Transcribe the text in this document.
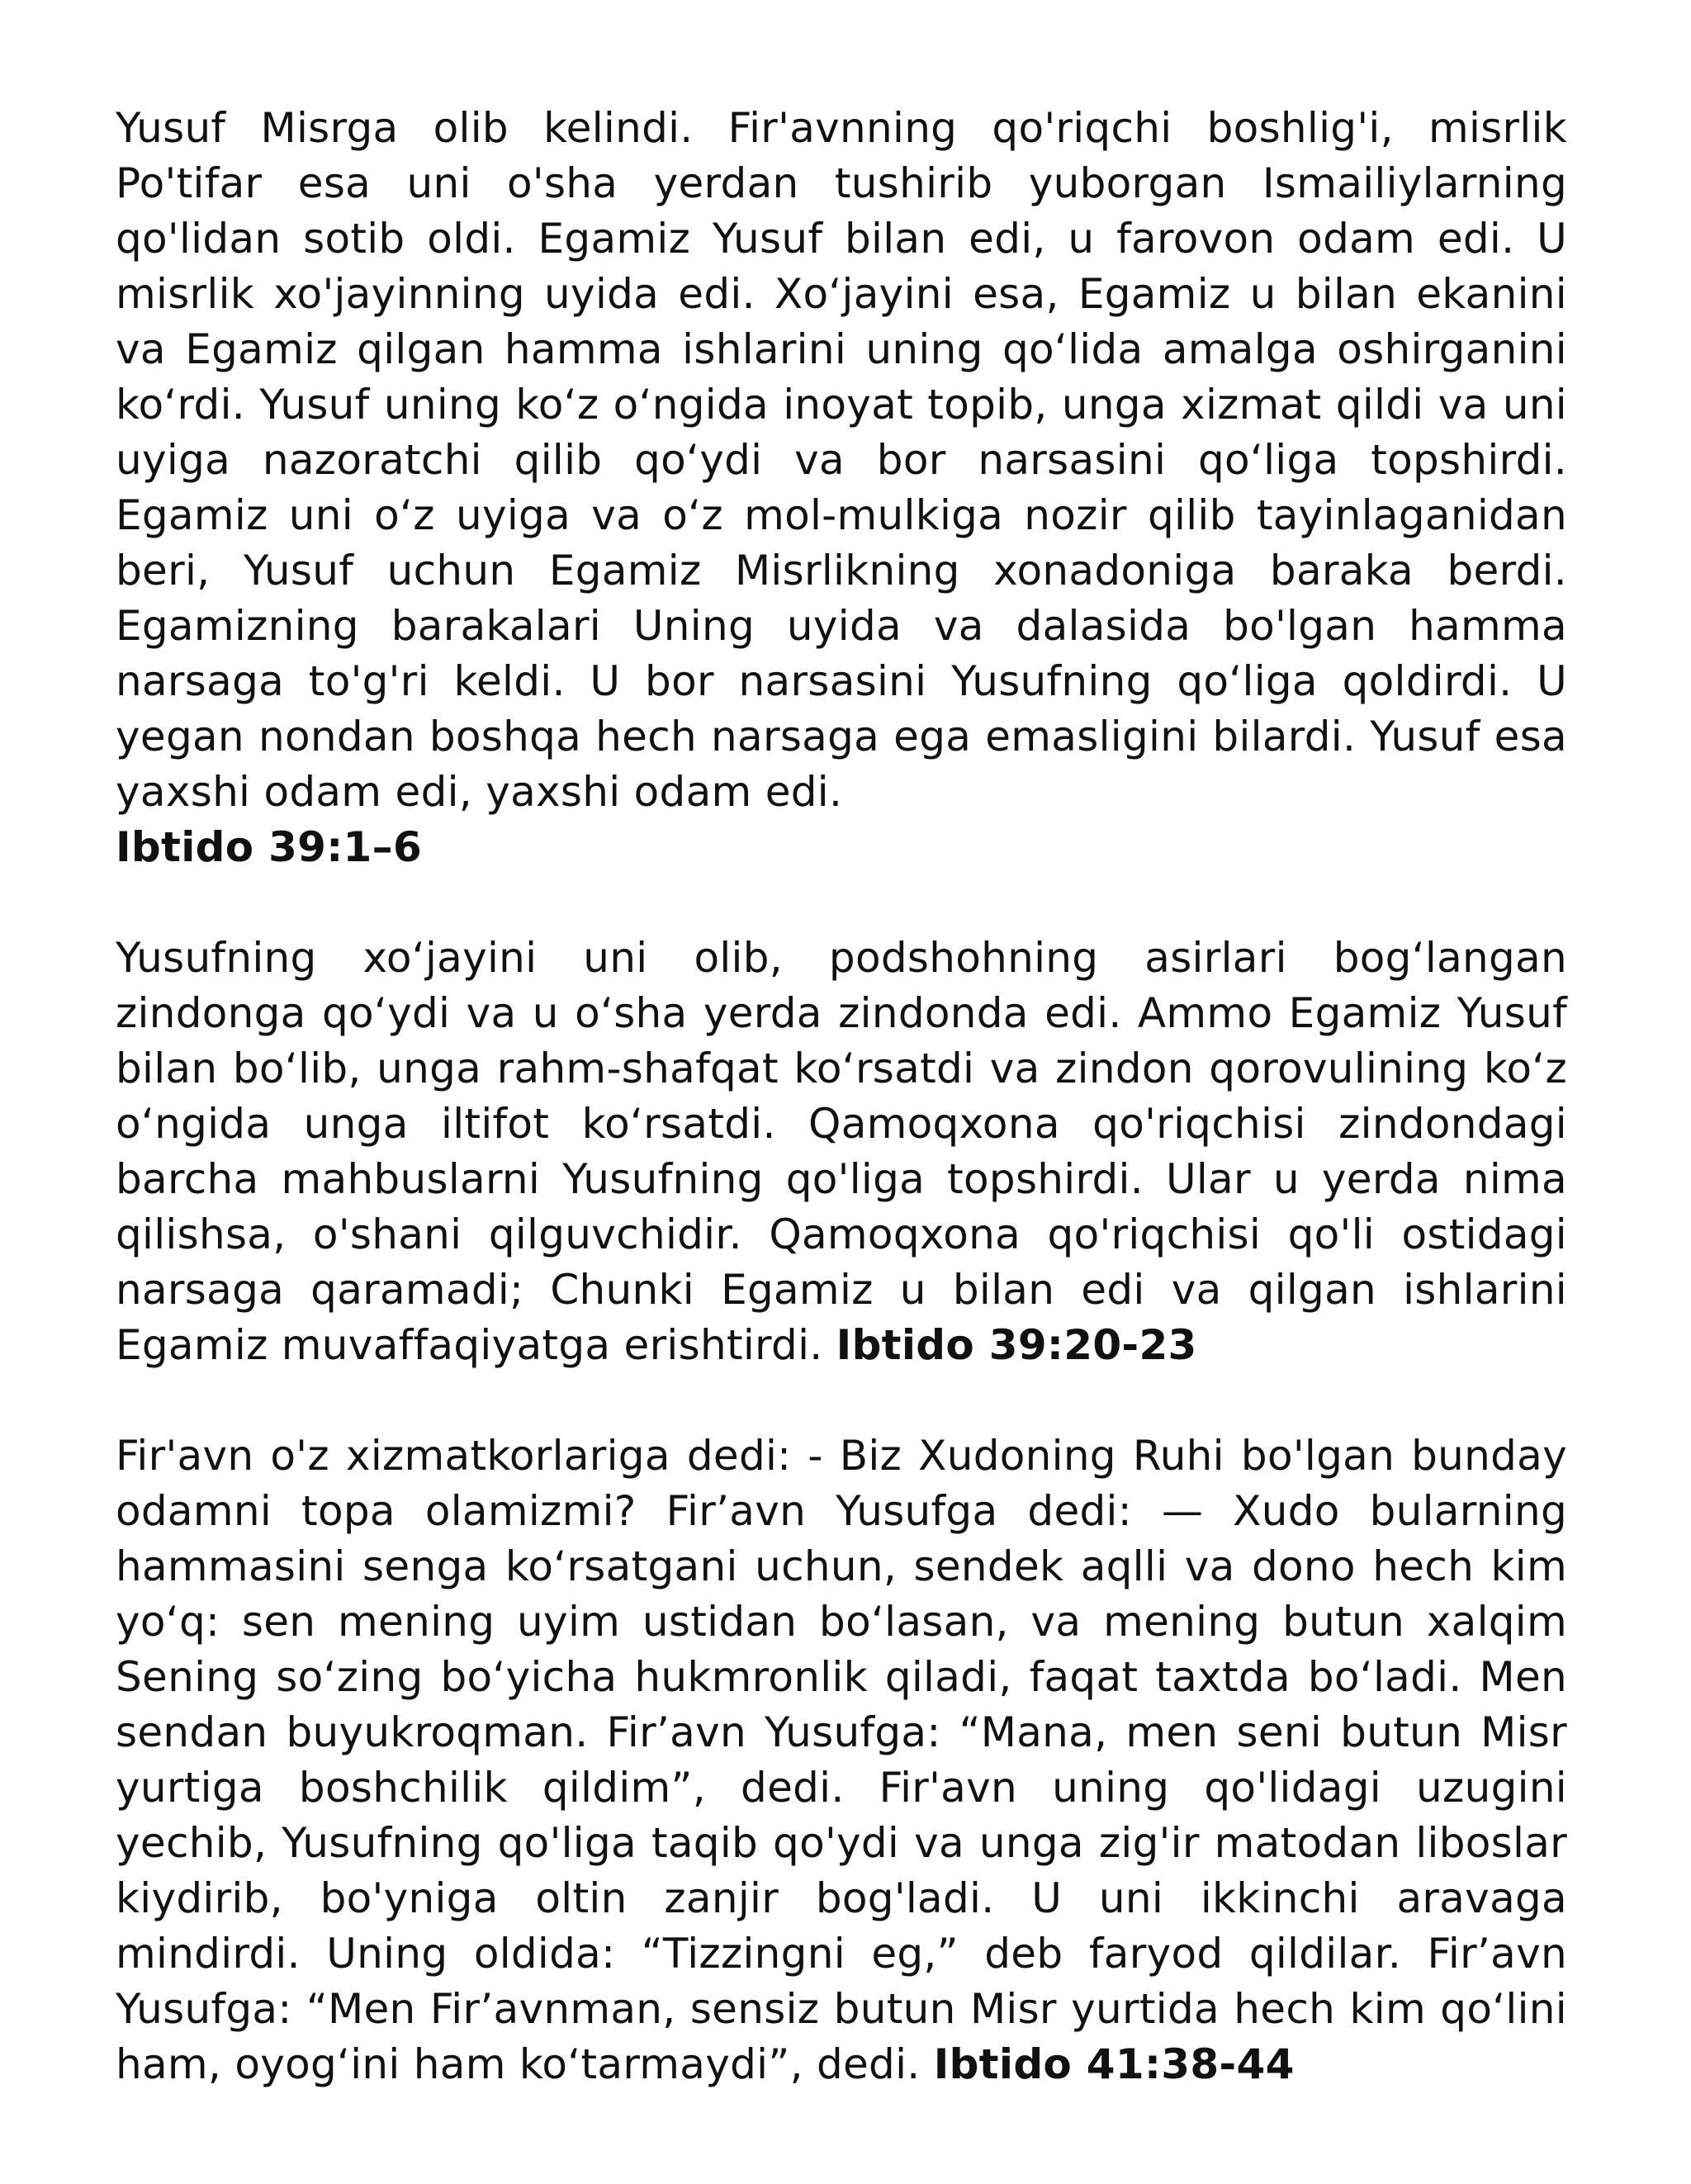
Yusuf Misrga olib kelindi. Fir'avnning qo'riqchi boshlig'i, misrlik Po'tifar esa uni o'sha yerdan tushirib yuborgan Ismailiylarning qo'lidan sotib oldi. Egamiz Yusuf bilan edi, u farovon odam edi. U misrlik xo'jayinning uyida edi. Xo‘jayini esa, Egamiz u bilan ekanini va Egamiz qilgan hamma ishlarini uning qo‘lida amalga oshirganini ko‘rdi. Yusuf uning ko‘z o‘ngida inoyat topib, unga xizmat qildi va uni uyiga nazoratchi qilib qo‘ydi va bor narsasini qo‘liga topshirdi. Egamiz uni o‘z uyiga va o‘z mol-mulkiga nozir qilib tayinlaganidan beri, Yusuf uchun Egamiz Misrlikning xonadoniga baraka berdi. Egamizning barakalari Uning uyida va dalasida bo'lgan hamma narsaga to'g'ri keldi. U bor narsasini Yusufning qo‘liga qoldirdi. U yegan nondan boshqa hech narsaga ega emasligini bilardi. Yusuf esa yaxshi odam edi, yaxshi odam edi.
Ibtido 39:1–6

Yusufning xo‘jayini uni olib, podshohning asirlari bog‘langan zindonga qo‘ydi va u o‘sha yerda zindonda edi. Ammo Egamiz Yusuf bilan bo‘lib, unga rahm-shafqat ko‘rsatdi va zindon qorovulining ko‘z o‘ngida unga iltifot ko‘rsatdi. Qamoqxona qo'riqchisi zindondagi barcha mahbuslarni Yusufning qo'liga topshirdi. Ular u yerda nima qilishsa, o'shani qilguvchidir. Qamoqxona qo'riqchisi qo'li ostidagi narsaga qaramadi; Chunki Egamiz u bilan edi va qilgan ishlarini Egamiz muvaffaqiyatga erishtirdi. Ibtido 39:20-23

Fir'avn o'z xizmatkorlariga dedi: - Biz Xudoning Ruhi bo'lgan bunday odamni topa olamizmi? Fir’avn Yusufga dedi: — Xudo bularning hammasini senga ko‘rsatgani uchun, sendek aqlli va dono hech kim yo‘q: sen mening uyim ustidan bo‘lasan, va mening butun xalqim Sening so‘zing bo‘yicha hukmronlik qiladi, faqat taxtda bo‘ladi. Men sendan buyukroqman. Fir’avn Yusufga: “Mana, men seni butun Misr yurtiga boshchilik qildim”, dedi. Fir'avn uning qo'lidagi uzugini yechib, Yusufning qo'liga taqib qo'ydi va unga zig'ir matodan liboslar kiydirib, bo'yniga oltin zanjir bog'ladi. U uni ikkinchi aravaga mindirdi. Uning oldida: “Tizzingni eg,” deb faryod qildilar. Fir’avn Yusufga: “Men Fir’avnman, sensiz butun Misr yurtida hech kim qo‘lini ham, oyog‘ini ham ko‘tarmaydi”, dedi. Ibtido 41:38-44
